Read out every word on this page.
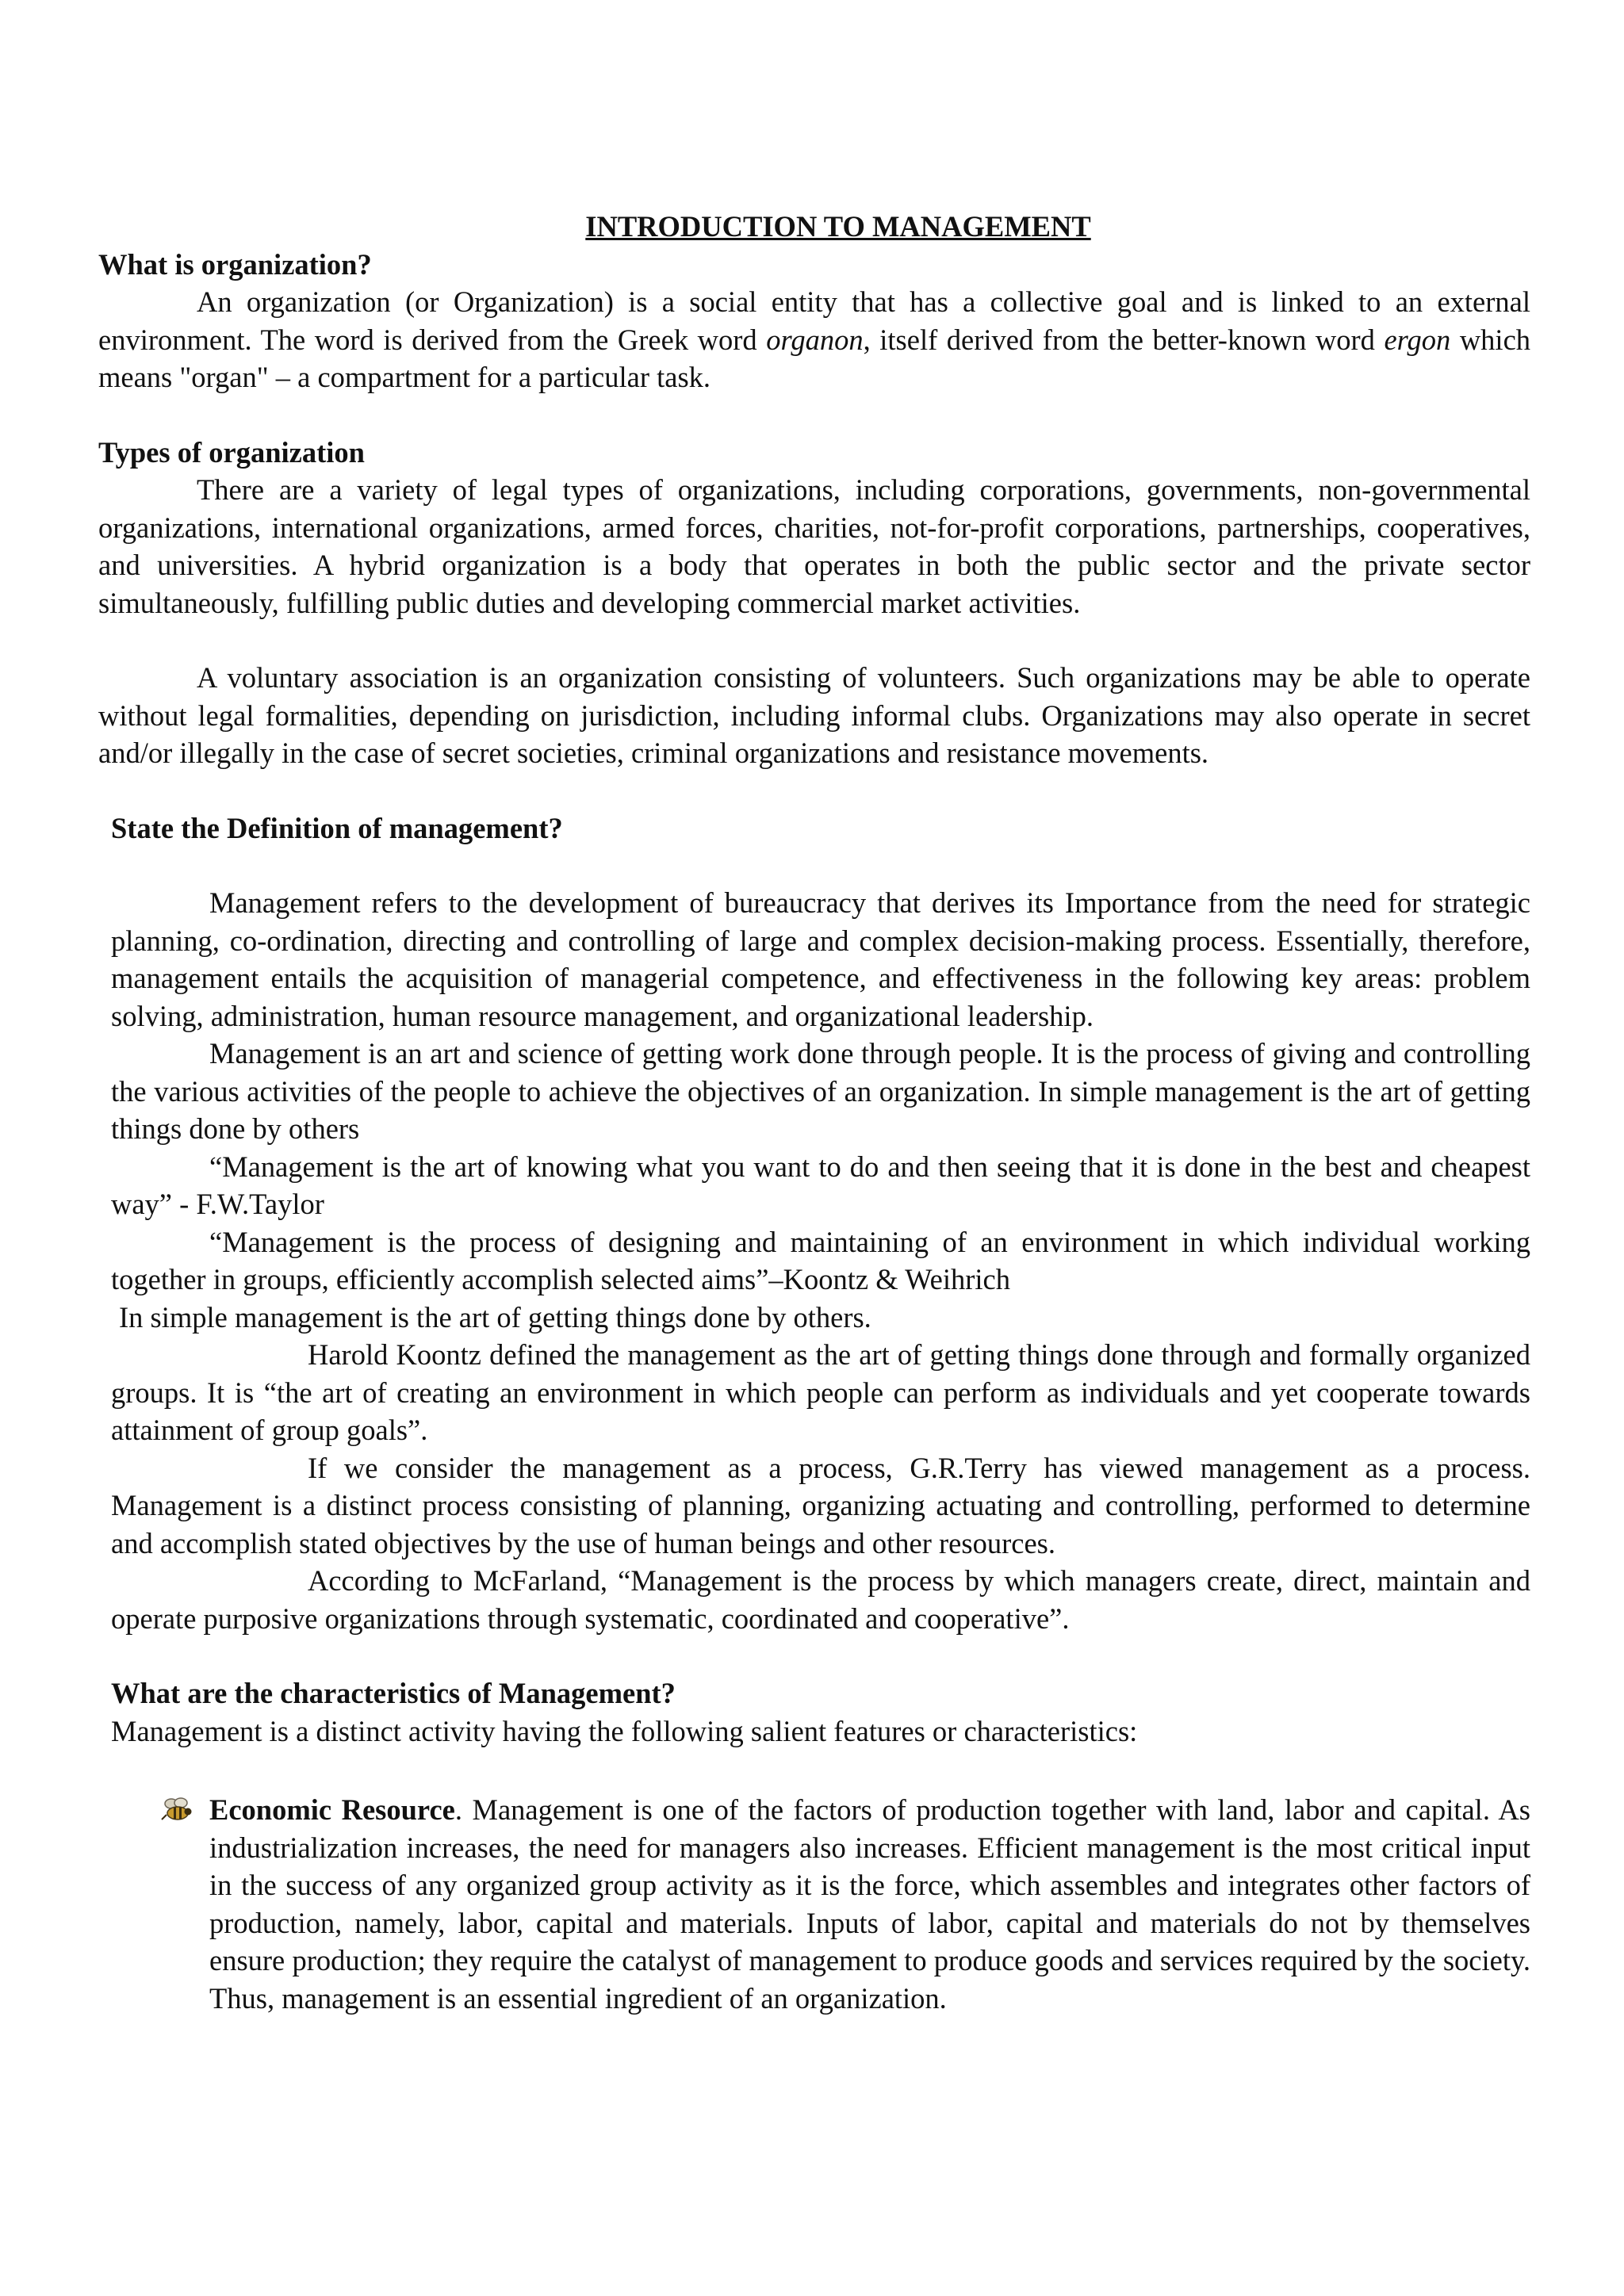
INTRODUCTION TO MANAGEMENT

What is organization?

An organization (or Organization) is a social entity that has a collective goal and is linked to an external environment. The word is derived from the Greek word organon, itself derived from the better-known word ergon which means "organ" – a compartment for a particular task.

Types of organization

There are a variety of legal types of organizations, including corporations, governments, non-governmental organizations, international organizations, armed forces, charities, not-for-profit corporations, partnerships, cooperatives, and universities. A hybrid organization is a body that operates in both the public sector and the private sector simultaneously, fulfilling public duties and developing commercial market activities.

A voluntary association is an organization consisting of volunteers. Such organizations may be able to operate without legal formalities, depending on jurisdiction, including informal clubs. Organizations may also operate in secret and/or illegally in the case of secret societies, criminal organizations and resistance movements.

State the Definition of management?

Management refers to the development of bureaucracy that derives its Importance from the need for strategic planning, co-ordination, directing and controlling of large and complex decision-making process. Essentially, therefore, management entails the acquisition of managerial competence, and effectiveness in the following key areas: problem solving, administration, human resource management, and organizational leadership.

Management is an art and science of getting work done through people. It is the process of giving and controlling the various activities of the people to achieve the objectives of an organization. In simple management is the art of getting things done by others

“Management is the art of knowing what you want to do and then seeing that it is done in the best and cheapest way” - F.W.Taylor

“Management is the process of designing and maintaining of an environment in which individual working together in groups, efficiently accomplish selected aims”–Koontz & Weihrich

In simple management is the art of getting things done by others.

Harold Koontz defined the management as the art of getting things done through and formally organized groups. It is “the art of creating an environment in which people can perform as individuals and yet cooperate towards attainment of group goals”.

If we consider the management as a process, G.R.Terry has viewed management as a process. Management is a distinct process consisting of planning, organizing actuating and controlling, performed to determine and accomplish stated objectives by the use of human beings and other resources.

According to McFarland, “Management is the process by which managers create, direct, maintain and operate purposive organizations through systematic, coordinated and cooperative”.

What are the characteristics of Management?

Management is a distinct activity having the following salient features or characteristics:

Economic Resource. Management is one of the factors of production together with land, labor and capital. As industrialization increases, the need for managers also increases. Efficient management is the most critical input in the success of any organized group activity as it is the force, which assembles and integrates other factors of production, namely, labor, capital and materials. Inputs of labor, capital and materials do not by themselves ensure production; they require the catalyst of management to produce goods and services required by the society. Thus, management is an essential ingredient of an organization.
